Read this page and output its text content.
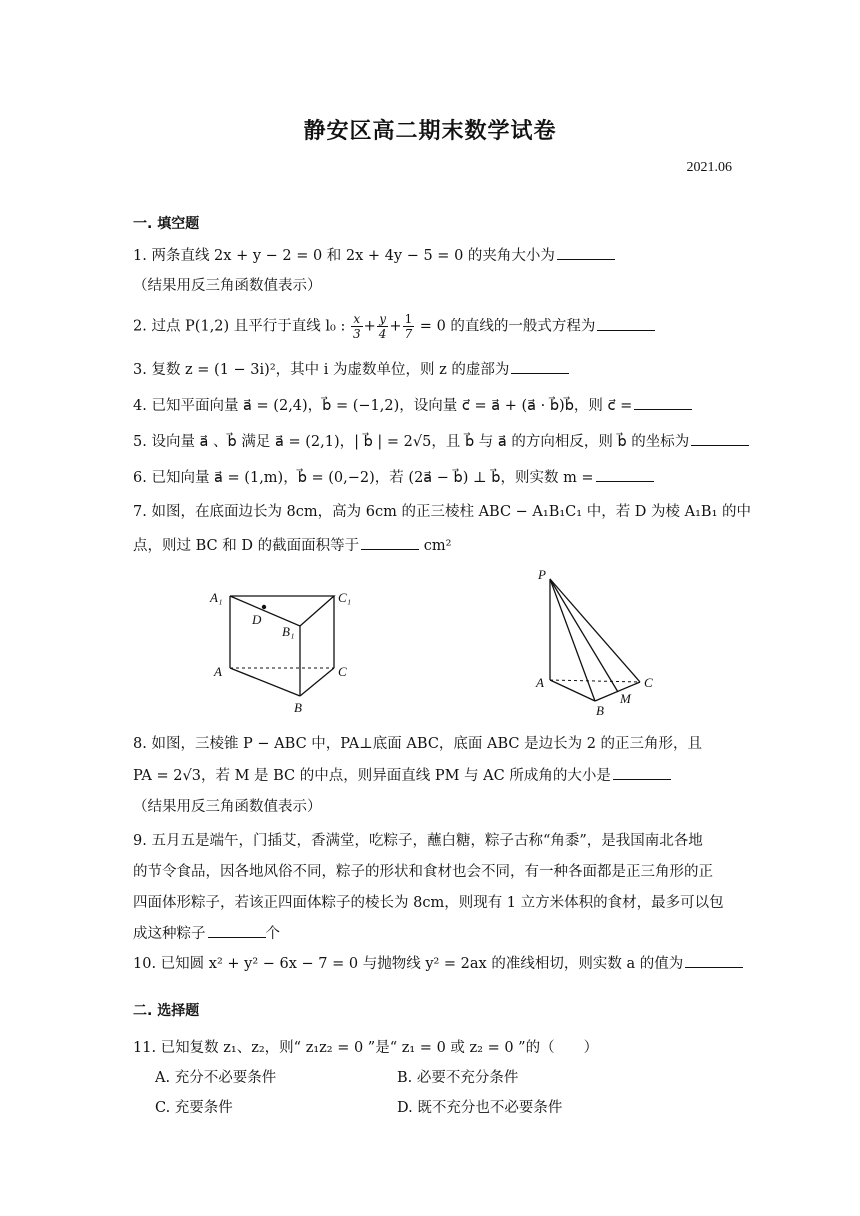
静安区高二期末数学试卷
2021.06
一. 填空题
1. 两条直线 2x + y − 2 = 0 和 2x + 4y − 5 = 0 的夹角大小为
（结果用反三角函数值表示）
2. 过点 P(1,2) 且平行于直线 l₀ : $\frac{x}{3} + \frac{y}{4} + \frac{1}{7} = 0$ 的直线的一般式方程为
3. 复数 z = (1 − 3i)²，其中 i 为虚数单位，则 z 的虚部为
4. 已知平面向量 a⃗ = (2,4)，b⃗ = (−1,2)，设向量 c⃗ = a⃗ + (a⃗ · b⃗)b⃗，则 c⃗ =
5. 设向量 a⃗ 、b⃗ 满足 a⃗ = (2,1)，| b⃗ | = 2√5，且 b⃗ 与 a⃗ 的方向相反，则 b⃗ 的坐标为
6. 已知向量 a⃗ = (1,m)，b⃗ = (0,−2)，若 (2a⃗ − b⃗) ⊥ b⃗，则实数 m =
7. 如图，在底面边长为 8cm，高为 6cm 的正三棱柱 ABC − A₁B₁C₁ 中，若 D 为棱 A₁B₁ 的中
点，则过 BC 和 D 的截面面积等于	cm²
A₁	C₁
D
B₁
A	C
B
P
A	C
M
B
8. 如图，三棱锥 P − ABC 中，PA⊥底面 ABC，底面 ABC 是边长为 2 的正三角形，且
PA = 2√3，若 M 是 BC 的中点，则异面直线 PM 与 AC 所成角的大小是
（结果用反三角函数值表示）
9. 五月五是端午，门插艾，香满堂，吃粽子，蘸白糖，粽子古称“角黍”，是我国南北各地
的节令食品，因各地风俗不同，粽子的形状和食材也会不同，有一种各面都是正三角形的正
四面体形粽子，若该正四面体粽子的棱长为 8cm，则现有 1 立方米体积的食材，最多可以包
成这种粽子	个
10. 已知圆 x² + y² − 6x − 7 = 0 与抛物线 y² = 2ax 的准线相切，则实数 a 的值为
二. 选择题
11. 已知复数 z₁、z₂，则“ z₁z₂ = 0 ”是“ z₁ = 0 或 z₂ = 0 ”的（　　）
A. 充分不必要条件	B. 必要不充分条件
C. 充要条件	D. 既不充分也不必要条件
